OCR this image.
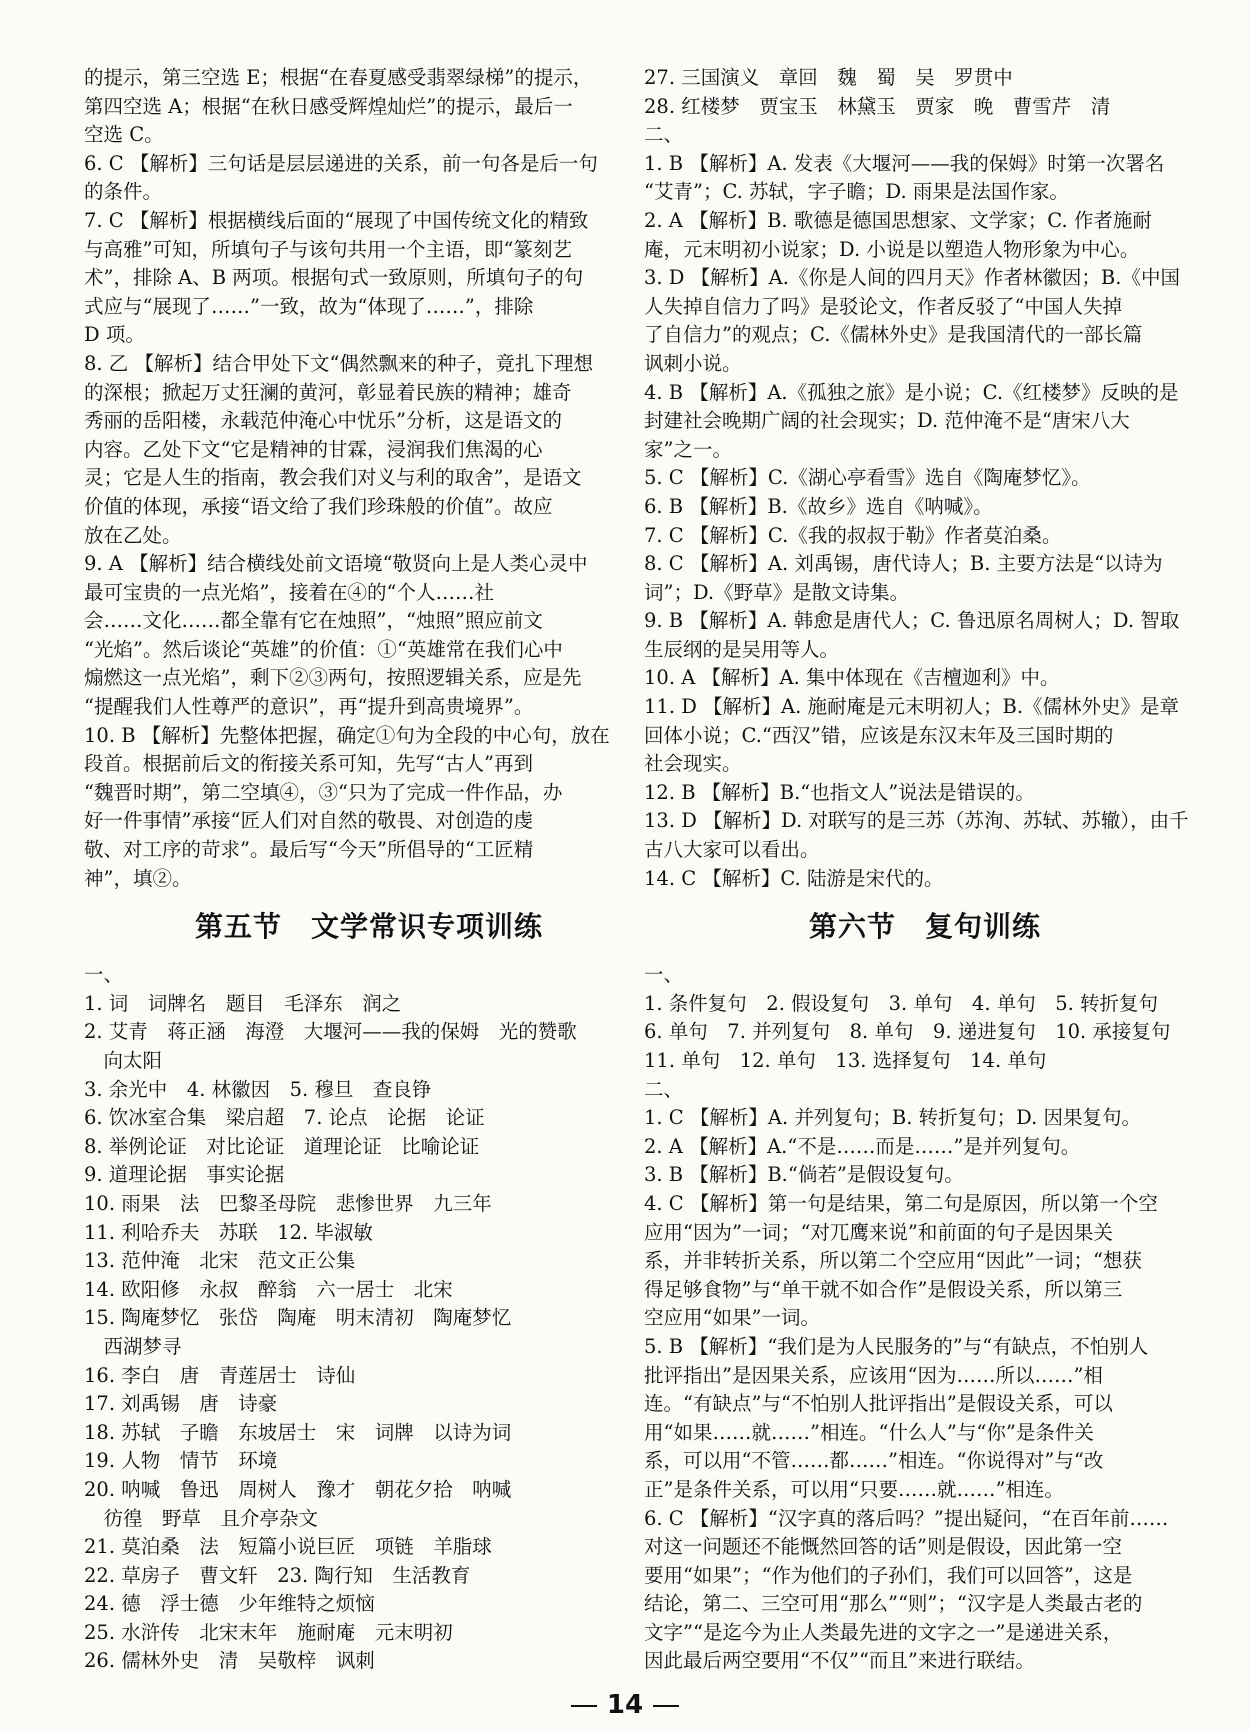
的提示，第三空选 E；根据“在春夏感受翡翠绿梯”的提示，
第四空选 A；根据“在秋日感受辉煌灿烂”的提示，最后一
空选 C。
6. C 【解析】三句话是层层递进的关系，前一句各是后一句
的条件。
7. C 【解析】根据横线后面的“展现了中国传统文化的精致
与高雅”可知，所填句子与该句共用一个主语，即“篆刻艺
术”，排除 A、B 两项。根据句式一致原则，所填句子的句
式应与“展现了……”一致，故为“体现了……”，排除
D 项。
8. 乙 【解析】结合甲处下文“偶然飘来的种子，竟扎下理想
的深根；掀起万丈狂澜的黄河，彰显着民族的精神；雄奇
秀丽的岳阳楼，永载范仲淹心中忧乐”分析，这是语文的
内容。乙处下文“它是精神的甘霖，浸润我们焦渴的心
灵；它是人生的指南，教会我们对义与利的取舍”，是语文
价值的体现，承接“语文给了我们珍珠般的价值”。故应
放在乙处。
9. A 【解析】结合横线处前文语境“敬贤向上是人类心灵中
最可宝贵的一点光焰”，接着在④的“个人……社
会……文化……都全靠有它在烛照”，“烛照”照应前文
“光焰”。然后谈论“英雄”的价值：①“英雄常在我们心中
煽燃这一点光焰”，剩下②③两句，按照逻辑关系，应是先
“提醒我们人性尊严的意识”，再“提升到高贵境界”。
10. B 【解析】先整体把握，确定①句为全段的中心句，放在
段首。根据前后文的衔接关系可知，先写“古人”再到
“魏晋时期”，第二空填④，③“只为了完成一件作品，办
好一件事情”承接“匠人们对自然的敬畏、对创造的虔
敬、对工序的苛求”。最后写“今天”所倡导的“工匠精
神”，填②。
第五节　文学常识专项训练
一、
1. 词　词牌名　题目　毛泽东　润之
2. 艾青　蒋正涵　海澄　大堰河——我的保姆　光的赞歌
　向太阳
3. 余光中　4. 林徽因　5. 穆旦　查良铮
6. 饮冰室合集　梁启超　7. 论点　论据　论证
8. 举例论证　对比论证　道理论证　比喻论证
9. 道理论据　事实论据
10. 雨果　法　巴黎圣母院　悲惨世界　九三年
11. 利哈乔夫　苏联　12. 毕淑敏
13. 范仲淹　北宋　范文正公集
14. 欧阳修　永叔　醉翁　六一居士　北宋
15. 陶庵梦忆　张岱　陶庵　明末清初　陶庵梦忆
　西湖梦寻
16. 李白　唐　青莲居士　诗仙
17. 刘禹锡　唐　诗豪
18. 苏轼　子瞻　东坡居士　宋　词牌　以诗为词
19. 人物　情节　环境
20. 呐喊　鲁迅　周树人　豫才　朝花夕拾　呐喊
　彷徨　野草　且介亭杂文
21. 莫泊桑　法　短篇小说巨匠　项链　羊脂球
22. 草房子　曹文轩　23. 陶行知　生活教育
24. 德　浮士德　少年维特之烦恼
25. 水浒传　北宋末年　施耐庵　元末明初
26. 儒林外史　清　吴敬梓　讽刺
27. 三国演义　章回　魏　蜀　吴　罗贯中
28. 红楼梦　贾宝玉　林黛玉　贾家　晚　曹雪芹　清
二、
1. B 【解析】A. 发表《大堰河——我的保姆》时第一次署名
“艾青”；C. 苏轼，字子瞻；D. 雨果是法国作家。
2. A 【解析】B. 歌德是德国思想家、文学家；C. 作者施耐
庵，元末明初小说家；D. 小说是以塑造人物形象为中心。
3. D 【解析】A.《你是人间的四月天》作者林徽因；B.《中国
人失掉自信力了吗》是驳论文，作者反驳了“中国人失掉
了自信力”的观点；C.《儒林外史》是我国清代的一部长篇
讽刺小说。
4. B 【解析】A.《孤独之旅》是小说；C.《红楼梦》反映的是
封建社会晚期广阔的社会现实；D. 范仲淹不是“唐宋八大
家”之一。
5. C 【解析】C.《湖心亭看雪》选自《陶庵梦忆》。
6. B 【解析】B.《故乡》选自《呐喊》。
7. C 【解析】C.《我的叔叔于勒》作者莫泊桑。
8. C 【解析】A. 刘禹锡，唐代诗人；B. 主要方法是“以诗为
词”；D.《野草》是散文诗集。
9. B 【解析】A. 韩愈是唐代人；C. 鲁迅原名周树人；D. 智取
生辰纲的是吴用等人。
10. A 【解析】A. 集中体现在《吉檀迦利》中。
11. D 【解析】A. 施耐庵是元末明初人；B.《儒林外史》是章
回体小说；C.“西汉”错，应该是东汉末年及三国时期的
社会现实。
12. B 【解析】B.“也指文人”说法是错误的。
13. D 【解析】D. 对联写的是三苏（苏洵、苏轼、苏辙），由千
古八大家可以看出。
14. C 【解析】C. 陆游是宋代的。
第六节　复句训练
一、
1. 条件复句　2. 假设复句　3. 单句　4. 单句　5. 转折复句
6. 单句　7. 并列复句　8. 单句　9. 递进复句　10. 承接复句
11. 单句　12. 单句　13. 选择复句　14. 单句
二、
1. C 【解析】A. 并列复句；B. 转折复句；D. 因果复句。
2. A 【解析】A.“不是……而是……”是并列复句。
3. B 【解析】B.“倘若”是假设复句。
4. C 【解析】第一句是结果，第二句是原因，所以第一个空
应用“因为”一词；“对兀鹰来说”和前面的句子是因果关
系，并非转折关系，所以第二个空应用“因此”一词；“想获
得足够食物”与“单干就不如合作”是假设关系，所以第三
空应用“如果”一词。
5. B 【解析】“我们是为人民服务的”与“有缺点，不怕别人
批评指出”是因果关系，应该用“因为……所以……”相
连。“有缺点”与“不怕别人批评指出”是假设关系，可以
用“如果……就……”相连。“什么人”与“你”是条件关
系，可以用“不管……都……”相连。“你说得对”与“改
正”是条件关系，可以用“只要……就……”相连。
6. C 【解析】“汉字真的落后吗？”提出疑问，“在百年前……
对这一问题还不能慨然回答的话”则是假设，因此第一空
要用“如果”；“作为他们的子孙们，我们可以回答”，这是
结论，第二、三空可用“那么”“则”；“汉字是人类最古老的
文字”“是迄今为止人类最先进的文字之一”是递进关系，
因此最后两空要用“不仅”“而且”来进行联结。
14
